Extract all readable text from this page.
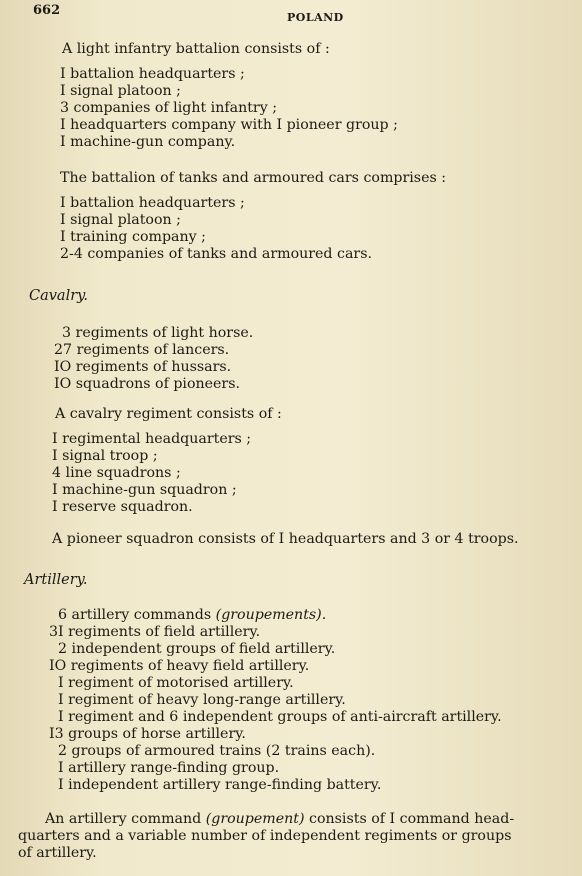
662	POLAND
A light infantry battalion consists of :
I battalion headquarters ;
I signal platoon ;
3 companies of light infantry ;
I headquarters company with I pioneer group ;
I machine-gun company.
The battalion of tanks and armoured cars comprises :
I battalion headquarters ;
I signal platoon ;
I training company ;
2-4 companies of tanks and armoured cars.
Cavalry.
3 regiments of light horse.
27 regiments of lancers.
IO regiments of hussars.
IO squadrons of pioneers.
A cavalry regiment consists of :
I regimental headquarters ;
I signal troop ;
4 line squadrons ;
I machine-gun squadron ;
I reserve squadron.
A pioneer squadron consists of I headquarters and 3 or 4 troops.
Artillery.
6 artillery commands (groupements).
3I regiments of field artillery.
2 independent groups of field artillery.
IO regiments of heavy field artillery.
I regiment of motorised artillery.
I regiment of heavy long-range artillery.
I regiment and 6 independent groups of anti-aircraft artillery.
I3 groups of horse artillery.
2 groups of armoured trains (2 trains each).
I artillery range-finding group.
I independent artillery range-finding battery.
An artillery command (groupement) consists of I command head-
quarters and a variable number of independent regiments or groups
of artillery.
